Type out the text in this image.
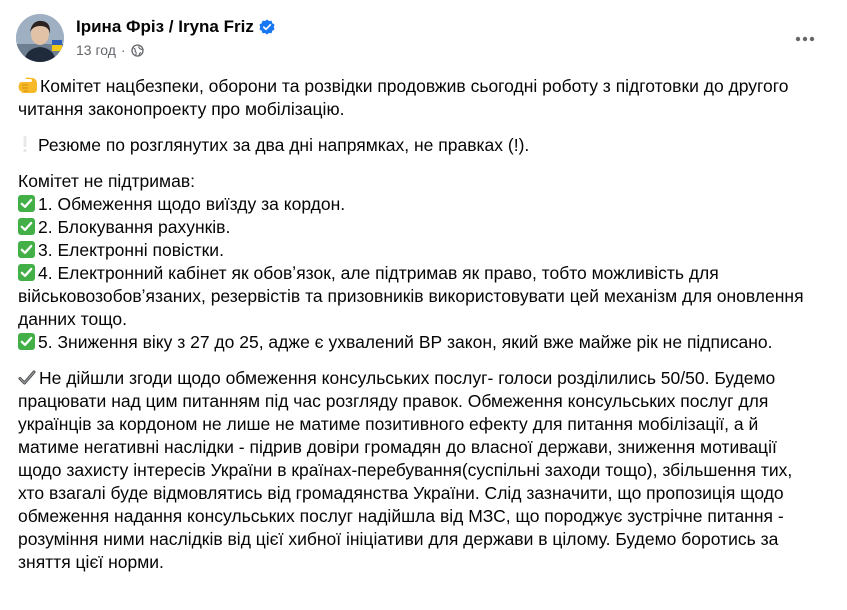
Ірина Фріз / Iryna Friz
13 год ·

Комітет нацбезпеки, оборони та розвідки продовжив сьогодні роботу з підготовки до другого читання законопроекту про мобілізацію.

Резюме по розглянутих за два дні напрямках, не правках (!).

Комітет не підтримав:

1. Обмеження щодо виїзду за кордон.

2. Блокування рахунків.

3. Електронні повістки.

4. Електронний кабінет як обовʼязок, але підтримав як право, тобто можливість для військовозобовʼязаних, резервістів та призовників використовувати цей механізм для оновлення данних тощо.

5. Зниження віку з 27 до 25, адже є ухвалений ВР закон, який вже майже рік не підписано.

Не дійшли згоди щодо обмеження консульських послуг- голоси розділились 50/50. Будемо працювати над цим питанням під час розгляду правок. Обмеження консульських послуг для українців за кордоном не лише не матиме позитивного ефекту для питання мобілізації, а й матиме негативні наслідки - підрив довіри громадян до власної держави, зниження мотивації щодо захисту інтересів України в країнах-перебування(суспільні заходи тощо), збільшення тих, хто взагалі буде відмовлятись від громадянства України. Слід зазначити, що пропозиція щодо обмеження надання консульських послуг надійшла від МЗС, що породжує зустрічне питання - розуміння ними наслідків від цієї хибної ініціативи для держави в цілому. Будемо боротись за зняття цієї норми.
